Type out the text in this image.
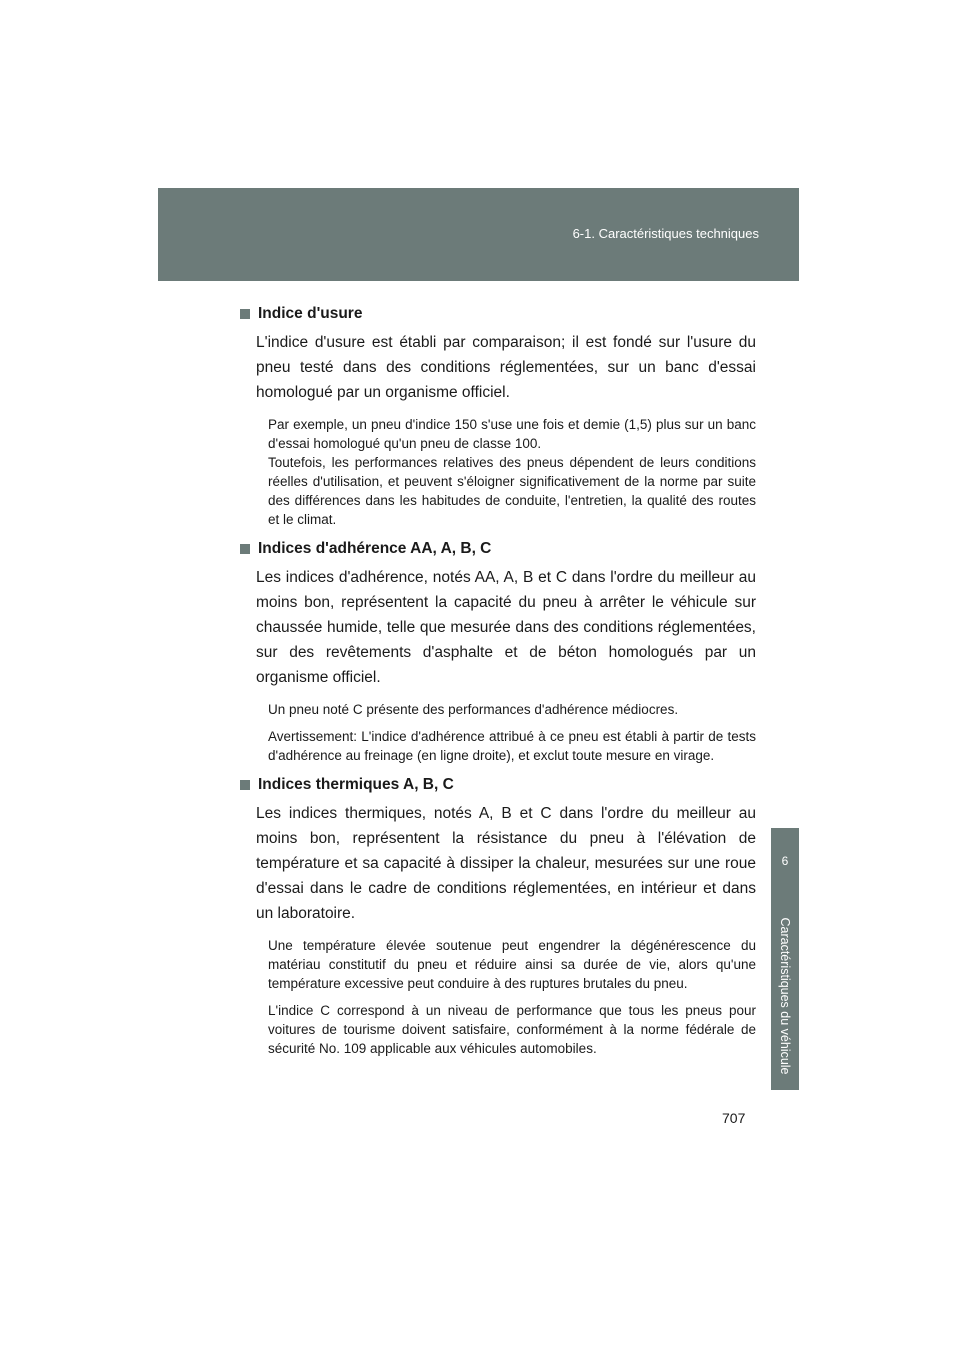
6-1. Caractéristiques techniques
6
Caractéristiques du véhicule
Indice d'usure

L'indice d'usure est établi par comparaison; il est fondé sur l'usure du pneu testé dans des conditions réglementées, sur un banc d'essai homologué par un organisme officiel.

Par exemple, un pneu d'indice 150 s'use une fois et demie (1,5) plus sur un banc d'essai homologué qu'un pneu de classe 100.

Toutefois, les performances relatives des pneus dépendent de leurs conditions réelles d'utilisation, et peuvent s'éloigner significativement de la norme par suite des différences dans les habitudes de conduite, l'entretien, la qualité des routes et le climat.

Indices d'adhérence AA, A, B, C

Les indices d'adhérence, notés AA, A, B et C dans l'ordre du meilleur au moins bon, représentent la capacité du pneu à arrêter le véhicule sur chaussée humide, telle que mesurée dans des conditions réglementées, sur des revêtements d'asphalte et de béton homologués par un organisme officiel.

Un pneu noté C présente des performances d'adhérence médiocres.

Avertissement: L'indice d'adhérence attribué à ce pneu est établi à partir de tests d'adhérence au freinage (en ligne droite), et exclut toute mesure en virage.

Indices thermiques A, B, C

Les indices thermiques, notés A, B et C dans l'ordre du meilleur au moins bon, représentent la résistance du pneu à l'élévation de température et sa capacité à dissiper la chaleur, mesurées sur une roue d'essai dans le cadre de conditions réglementées, en intérieur et dans un laboratoire.

Une température élevée soutenue peut engendrer la dégénérescence du matériau constitutif du pneu et réduire ainsi sa durée de vie, alors qu'une température excessive peut conduire à des ruptures brutales du pneu.

L'indice C correspond à un niveau de performance que tous les pneus pour voitures de tourisme doivent satisfaire, conformément à la norme fédérale de sécurité No. 109 applicable aux véhicules automobiles.

707
